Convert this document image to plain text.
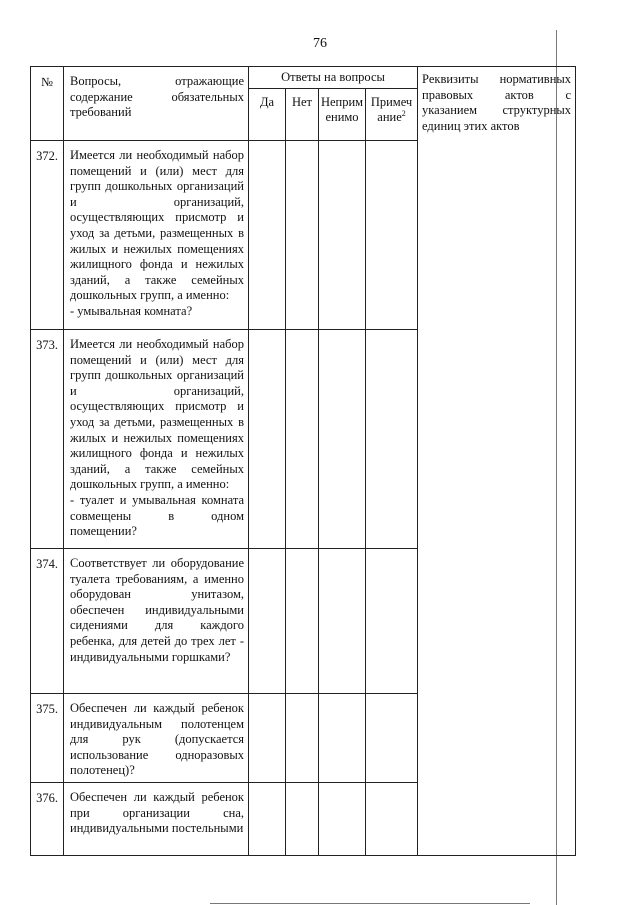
76
№	Вопросы, отражающие содержание обязательных требований	Ответы на вопросы				Реквизиты нормативных правовых актов с указанием структурных единиц этих актов
		Да	Нет	Неприм енимо	Примеч ание$^2$
372.	Имеется ли необходимый набор помещений и (или) мест для групп дошкольных организаций и организаций, осуществляющих присмотр и уход за детьми, размещенных в жилых и нежилых помещениях жилищного фонда и нежилых зданий, а также семейных дошкольных групп, а именно:
- умывальная комната?					
373.	Имеется ли необходимый набор помещений и (или) мест для групп дошкольных организаций и организаций, осуществляющих присмотр и уход за детьми, размещенных в жилых и нежилых помещениях жилищного фонда и нежилых зданий, а также семейных дошкольных групп, а именно:
- туалет и умывальная комната совмещены в одном помещении?					
374.	Соответствует ли оборудование туалета требованиям, а именно оборудован унитазом, обеспечен индивидуальными сидениями для каждого ребенка, для детей до трех лет - индивидуальными горшками?					
375.	Обеспечен ли каждый ребенок индивидуальным полотенцем для рук (допускается использование одноразовых полотенец)?					
376.	Обеспечен ли каждый ребенок при организации сна, индивидуальными постельными					
